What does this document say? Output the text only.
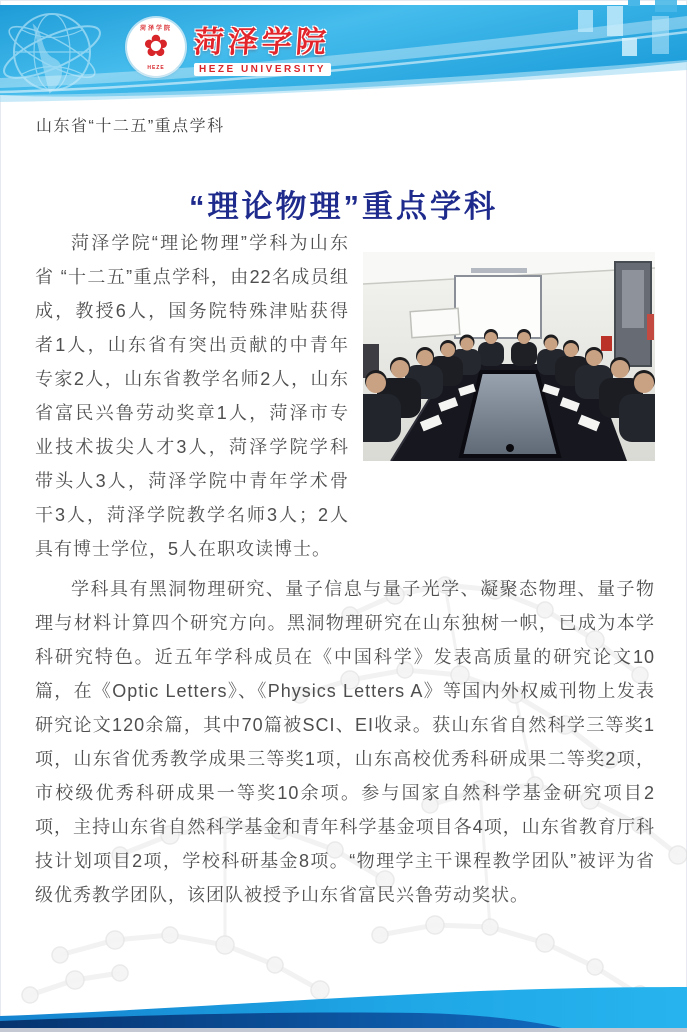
菏泽学院
✿
HEZE
菏泽学院
HEZE UNIVERSITY
山东省“十二五”重点学科
“理论物理”重点学科
菏泽学院“理论物理”学科为山东省 “十二五”重点学科，由22名成员组成，教授6人，国务院特殊津贴获得者1人，山东省有突出贡献的中青年专家2人，山东省教学名师2人，山东省富民兴鲁劳动奖章1人，菏泽市专业技术拔尖人才3人，菏泽学院学科带头人3人，菏泽学院中青年学术骨干3人，菏泽学院教学名师3人；2人具有博士学位，5人在职攻读博士。
学科具有黑洞物理研究、量子信息与量子光学、凝聚态物理、量子物理与材料计算四个研究方向。黑洞物理研究在山东独树一帜，已成为本学科研究特色。近五年学科成员在《中国科学》发表高质量的研究论文10篇，在《Optic Letters》、《Physics Letters A》等国内外权威刊物上发表研究论文120余篇，其中70篇被SCI、EI收录。获山东省自然科学三等奖1项，山东省优秀教学成果三等奖1项，山东高校优秀科研成果二等奖2项，市校级优秀科研成果一等奖10余项。参与国家自然科学基金研究项目2项，主持山东省自然科学基金和青年科学基金项目各4项，山东省教育厅科技计划项目2项，学校科研基金8项。“物理学主干课程教学团队”被评为省级优秀教学团队，该团队被授予山东省富民兴鲁劳动奖状。
